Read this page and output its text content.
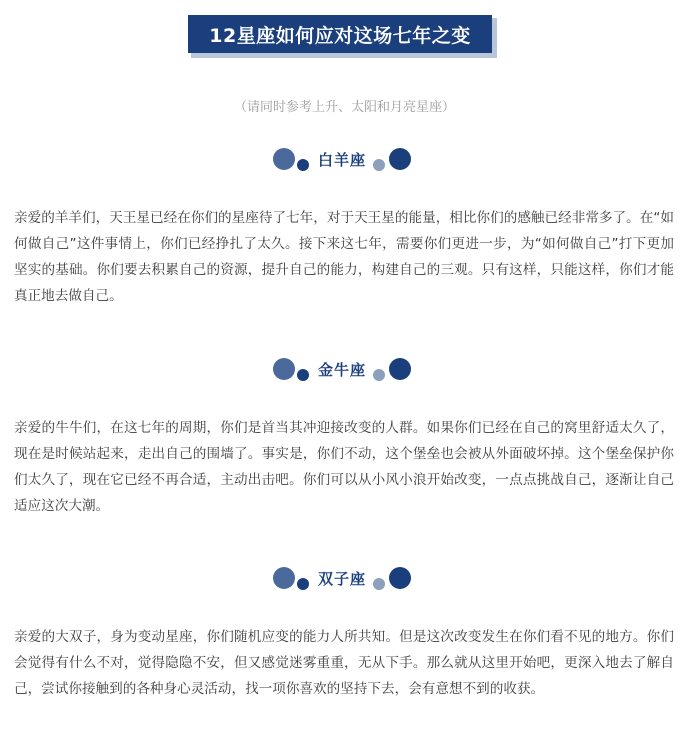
12星座如何应对这场七年之变
（请同时参考上升、太阳和月亮星座）
白羊座

亲爱的羊羊们，天王星已经在你们的星座待了七年，对于天王星的能量，相比你们的感触已经非常多了。在“如何做自己”这件事情上，你们已经挣扎了太久。接下来这七年，需要你们更进一步，为“如何做自己”打下更加坚实的基础。你们要去积累自己的资源，提升自己的能力，构建自己的三观。只有这样，只能这样，你们才能真正地去做自己。

金牛座

亲爱的牛牛们，在这七年的周期，你们是首当其冲迎接改变的人群。如果你们已经在自己的窝里舒适太久了，现在是时候站起来，走出自己的围墙了。事实是，你们不动，这个堡垒也会被从外面破坏掉。这个堡垒保护你们太久了，现在它已经不再合适，主动出击吧。你们可以从小风小浪开始改变，一点点挑战自己，逐渐让自己适应这次大潮。

双子座

亲爱的大双子，身为变动星座，你们随机应变的能力人所共知。但是这次改变发生在你们看不见的地方。你们会觉得有什么不对，觉得隐隐不安，但又感觉迷雾重重，无从下手。那么就从这里开始吧，更深入地去了解自己，尝试你接触到的各种身心灵活动，找一项你喜欢的坚持下去，会有意想不到的收获。
